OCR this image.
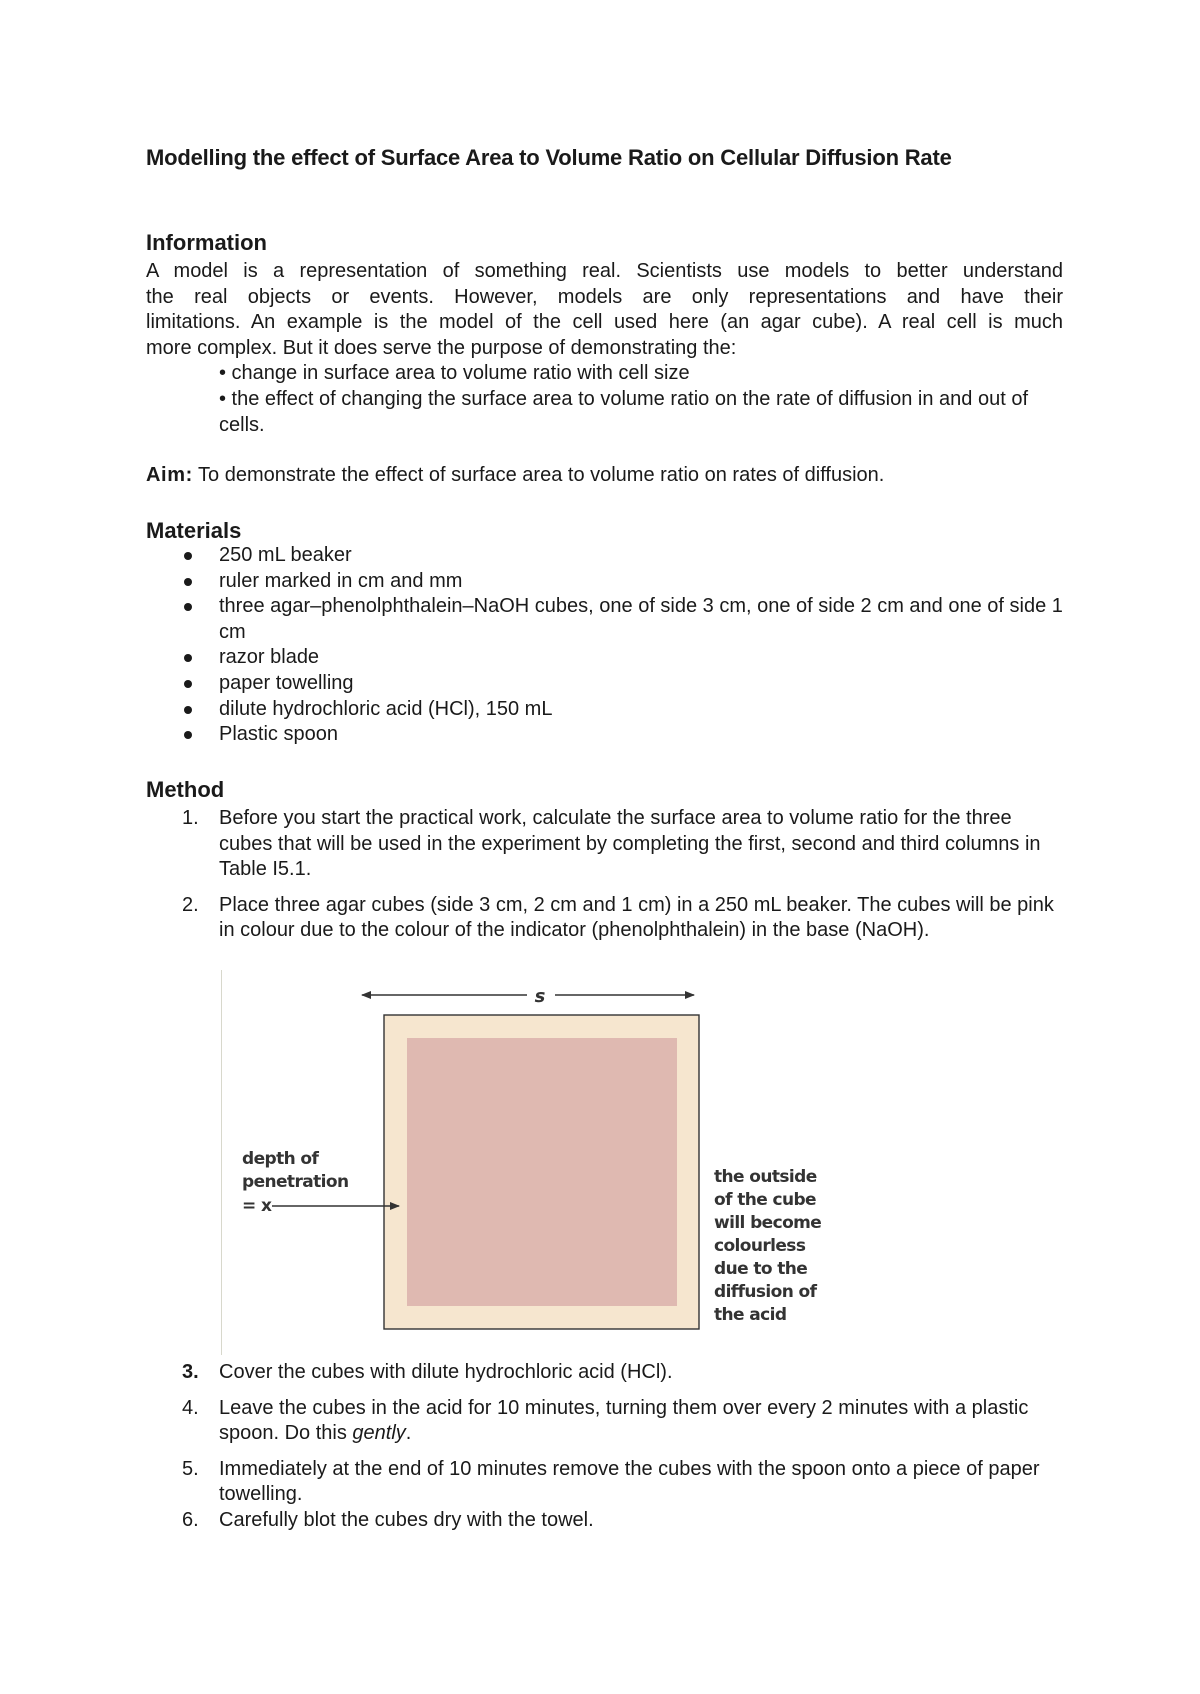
Modelling the effect of Surface Area to Volume Ratio on Cellular Diffusion Rate
Information
A model is a representation of something real. Scientists use models to better understand
the real objects or events. However, models are only representations and have their
limitations. An example is the model of the cell used here (an agar cube). A real cell is much
more complex. But it does serve the purpose of demonstrating the:
• change in surface area to volume ratio with cell size
• the effect of changing the surface area to volume ratio on the rate of diffusion in and out of cells.
Aim: To demonstrate the effect of surface area to volume ratio on rates of diffusion.
Materials
250 mL beaker
ruler marked in cm and mm
three agar–phenolphthalein–NaOH cubes, one of side 3 cm, one of side 2 cm and one of side 1 cm
razor blade
paper towelling
dilute hydrochloric acid (HCl), 150 mL
Plastic spoon
Method
1. Before you start the practical work, calculate the surface area to volume ratio for the three cubes that will be used in the experiment by completing the first, second and third columns in Table I5.1.
2. Place three agar cubes (side 3 cm, 2 cm and 1 cm) in a 250 mL beaker. The cubes will be pink in colour due to the colour of the indicator (phenolphthalein) in the base (NaOH).
s
depth of penetration = x
the outside of the cube will become colourless due to the diffusion of the acid
3. Cover the cubes with dilute hydrochloric acid (HCl).
4. Leave the cubes in the acid for 10 minutes, turning them over every 2 minutes with a plastic spoon. Do this gently.
5. Immediately at the end of 10 minutes remove the cubes with the spoon onto a piece of paper towelling.
6. Carefully blot the cubes dry with the towel.
